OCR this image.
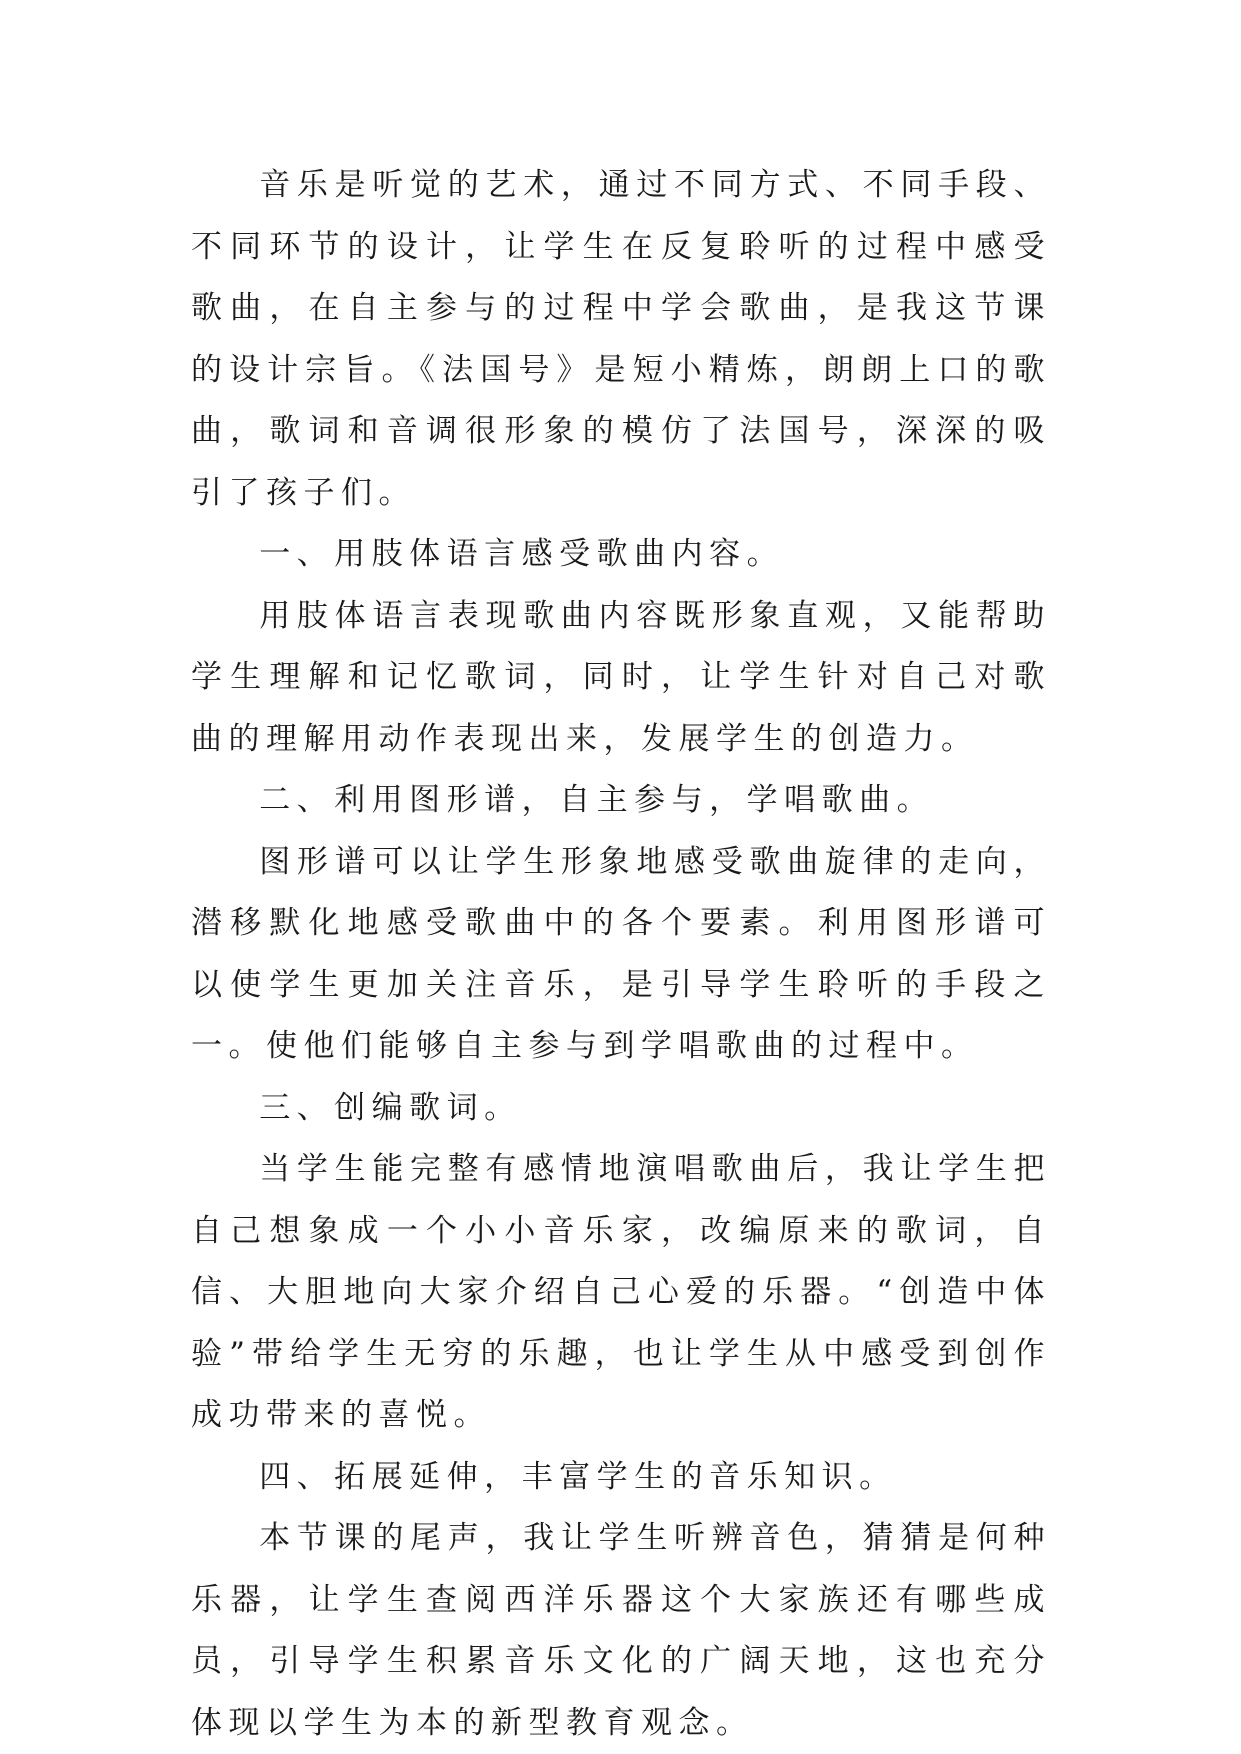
音乐是听觉的艺术，通过不同方式、不同手段、不同环节的设计，让学生在反复聆听的过程中感受歌曲，在自主参与的过程中学会歌曲，是我这节课的设计宗旨。《法国号》是短小精炼，朗朗上口的歌曲，歌词和音调很形象的模仿了法国号，深深的吸引了孩子们。

一、用肢体语言感受歌曲内容。

用肢体语言表现歌曲内容既形象直观，又能帮助学生理解和记忆歌词，同时，让学生针对自己对歌曲的理解用动作表现出来，发展学生的创造力。

二、利用图形谱，自主参与，学唱歌曲。

图形谱可以让学生形象地感受歌曲旋律的走向，潜移默化地感受歌曲中的各个要素。利用图形谱可以使学生更加关注音乐，是引导学生聆听的手段之一。使他们能够自主参与到学唱歌曲的过程中。

三、创编歌词。

当学生能完整有感情地演唱歌曲后，我让学生把自己想象成一个小小音乐家，改编原来的歌词，自信、大胆地向大家介绍自己心爱的乐器。“创造中体验”带给学生无穷的乐趣，也让学生从中感受到创作成功带来的喜悦。

四、拓展延伸，丰富学生的音乐知识。

本节课的尾声，我让学生听辨音色，猜猜是何种乐器，让学生查阅西洋乐器这个大家族还有哪些成员，引导学生积累音乐文化的广阔天地，这也充分体现以学生为本的新型教育观念。
